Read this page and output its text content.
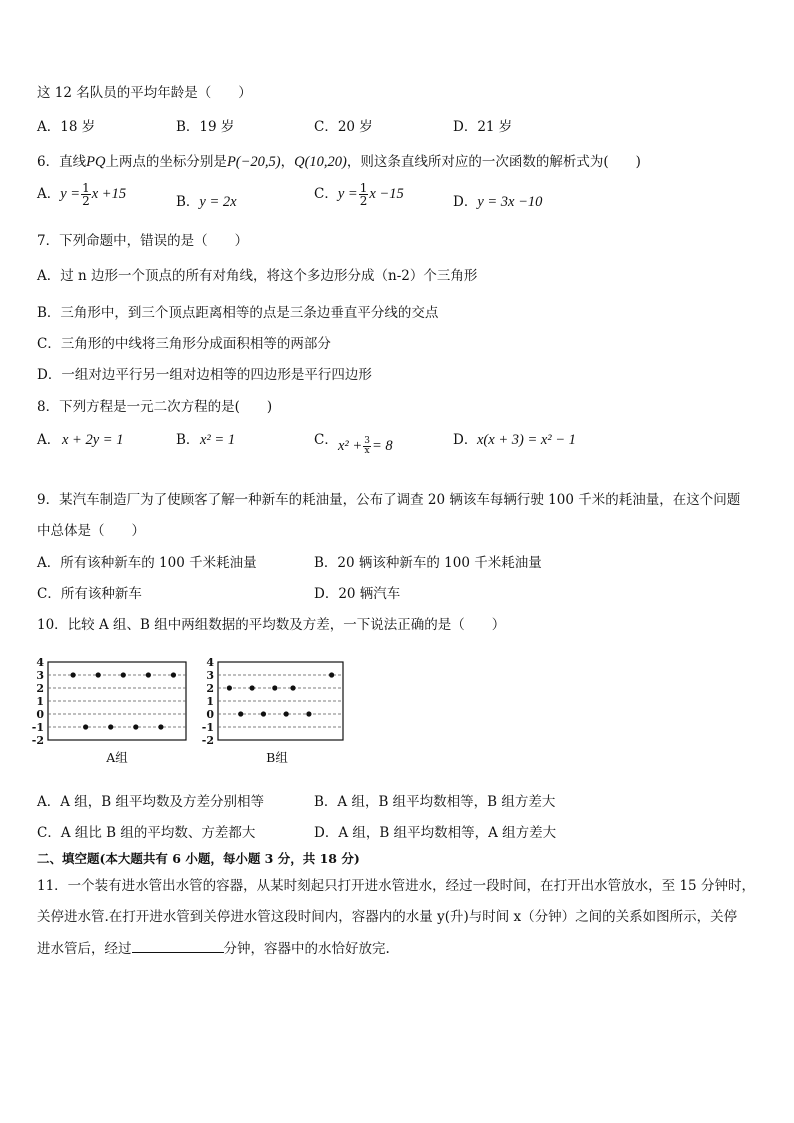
这 12 名队员的平均年龄是（　　）
A．18 岁	B．19 岁	C．20 岁	D．21 岁
6．直线PQ上两点的坐标分别是P(−20,5)，Q(10,20)，则这条直线所对应的一次函数的解析式为(　　)
A．$y = \frac{1}{2}$ x +15	B．y = 2x	C．$y = \frac{1}{2}$ x −15	D．y = 3x −10
7．下列命题中，错误的是（　　）
A．过 n 边形一个顶点的所有对角线，将这个多边形分成（n-2）个三角形
B．三角形中，到三个顶点距离相等的点是三条边垂直平分线的交点
C．三角形的中线将三角形分成面积相等的两部分
D．一组对边平行另一组对边相等的四边形是平行四边形
8．下列方程是一元二次方程的是(　　)
A． x + 2y = 1	B． x² = 1	C． $x^2 + \frac{3}{x} = 8$	D． x(x + 3) = x² − 1
9．某汽车制造厂为了使顾客了解一种新车的耗油量，公布了调查 20 辆该车每辆行驶 100 千米的耗油量，在这个问题
中总体是（　　）
A．所有该种新车的 100 千米耗油量	B．20 辆该种新车的 100 千米耗油量
C．所有该种新车	D．20 辆汽车
10．比较 A 组、B 组中两组数据的平均数及方差，一下说法正确的是（　　）
4
3
2
1
0
-1
-2
A组
4
3
2
1
0
-1
-2
B组
A．A 组，B 组平均数及方差分别相等	B．A 组，B 组平均数相等，B 组方差大
C．A 组比 B 组的平均数、方差都大	D．A 组，B 组平均数相等，A 组方差大
二、填空题(本大题共有 6 小题，每小题 3 分，共 18 分)
11．一个装有进水管出水管的容器，从某时刻起只打开进水管进水，经过一段时间，在打开出水管放水，至 15 分钟时，
关停进水管.在打开进水管到关停进水管这段时间内，容器内的水量 y(升)与时间 x（分钟）之间的关系如图所示，关停
进水管后，经过	分钟，容器中的水恰好放完.
